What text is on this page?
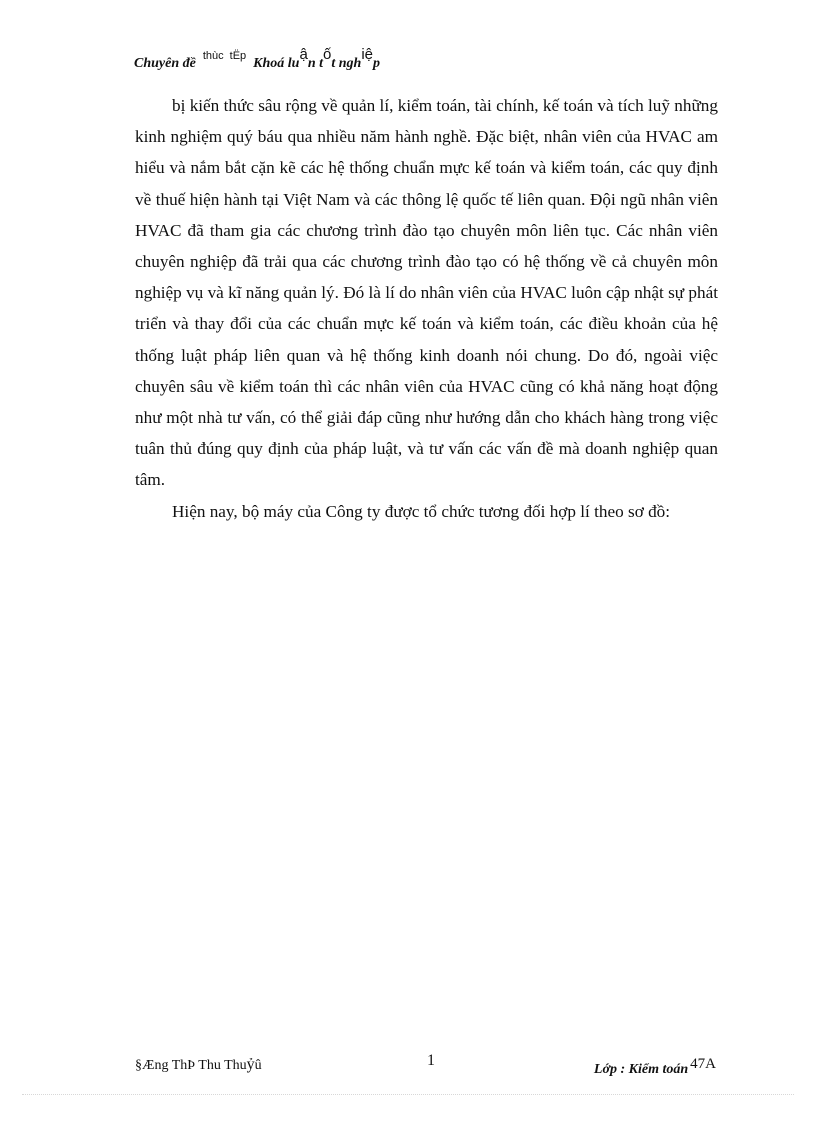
Chuyên đề thùc tËp Khoá luận tốt nghiệp

bị kiến thức sâu rộng về quản lí, kiểm toán, tài chính, kế toán và tích luỹ những kinh nghiệm quý báu qua nhiều năm hành nghề. Đặc biệt, nhân viên của HVAC am hiểu và nắm bắt cặn kẽ các hệ thống chuẩn mực kế toán và kiểm toán, các quy định về thuế hiện hành tại Việt Nam và các thông lệ quốc tế liên quan. Đội ngũ nhân viên HVAC đã tham gia các chương trình đào tạo chuyên môn liên tục. Các nhân viên chuyên nghiệp đã trải qua các chương trình đào tạo có hệ thống về cả chuyên môn nghiệp vụ và kĩ năng quản lý. Đó là lí do nhân viên của HVAC luôn cập nhật sự phát triển và thay đổi của các chuẩn mực kế toán và kiểm toán, các điều khoản của hệ thống luật pháp liên quan và hệ thống kinh doanh nói chung. Do đó, ngoài việc chuyên sâu về kiểm toán thì các nhân viên của HVAC cũng có khả năng hoạt động như một nhà tư vấn, có thể giải đáp cũng như hướng dẫn cho khách hàng trong việc tuân thủ đúng quy định của pháp luật, và tư vấn các vấn đề mà doanh nghiệp quan tâm.

Hiện nay, bộ máy của Công ty được tổ chức tương đối hợp lí theo sơ đồ:

§Æng ThÞ Thu Thuỷû	1
Lớp : Kiểm toán 47A
